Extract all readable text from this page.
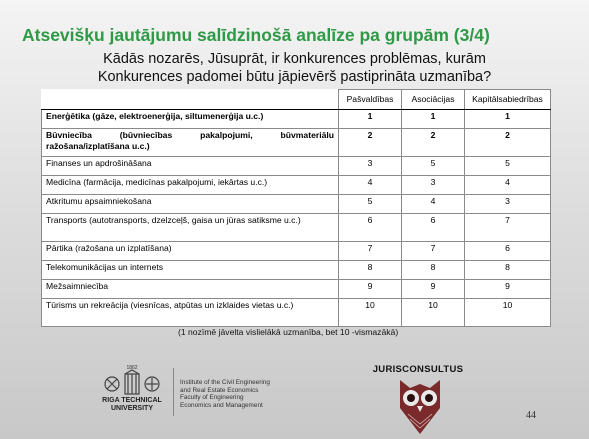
Atsevišķu jautājumu salīdzinošā analīze pa grupām (3/4)
Kādās nozarēs, Jūsuprāt, ir konkurences problēmas, kurām
Konkurences padomei būtu jāpievērš pastiprināta uzmanība?
	Pašvaldības	Asociācijas	Kapitālsabiedrības
Enerģētika (gāze, elektroenerģija, siltumenerģija u.c.)	1	1	1
Būvniecība (būvniecības pakalpojumi, būvmateriālu ražošana/izplatīšana u.c.)	2	2	2
Finanses un apdrošināšana	3	5	5
Medicīna (farmācija, medicīnas pakalpojumi, iekārtas u.c.)	4	3	4
Atkritumu apsaimniekošana	5	4	3
Transports (autotransports, dzelzceļš, gaisa un jūras satiksme u.c.)	6	6	7
Pārtika (ražošana un izplatīšana)	7	7	6
Telekomunikācijas un internets	8	8	8
Mežsaimniecība	9	9	9
Tūrisms un rekreācija (viesnīcas, atpūtas un izklaides vietas u.c.)	10	10	10
(1 nozīmē jāvelta vislielākā uzmanība, bet 10 -vismazākā)
1862
RIGA TECHNICAL
UNIVERSITY
Institute of the Civil Engineering
and Real Estate Economics
Faculty of Engineering
Economics and Management
JURISCONSULTUS
44
